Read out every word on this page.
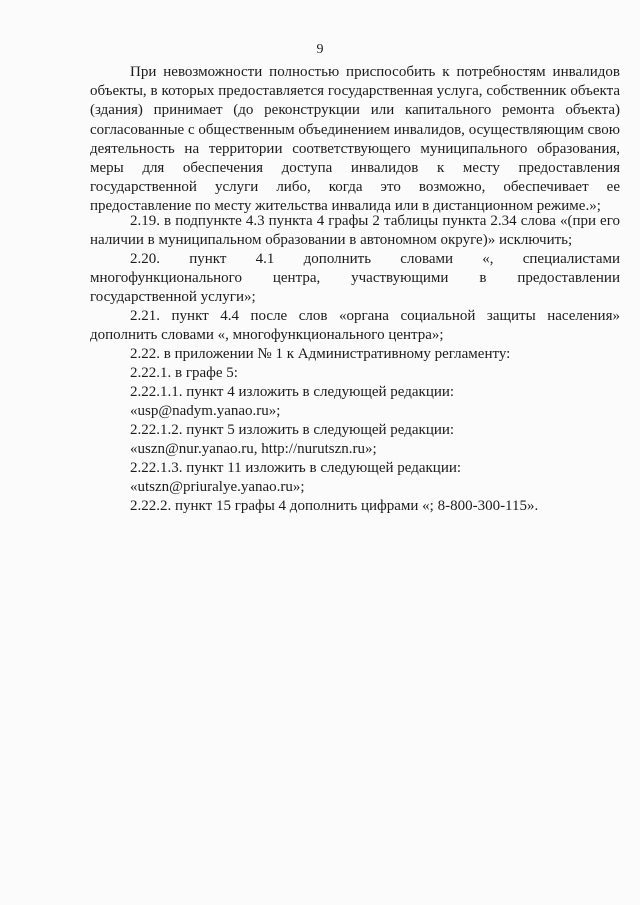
9

При невозможности полностью приспособить к потребностям инвалидов объекты, в которых предоставляется государственная услуга, собственник объекта (здания) принимает (до реконструкции или капитального ремонта объекта) согласованные с общественным объединением инвалидов, осуществляющим свою деятельность на территории соответствующего муниципального образования, меры для обеспечения доступа инвалидов к месту предоставления государственной услуги либо, когда это возможно, обеспечивает ее предоставление по месту жительства инвалида или в дистанционном режиме.»;

2.19. в подпункте 4.3 пункта 4 графы 2 таблицы пункта 2.34 слова «(при его наличии в муниципальном образовании в автономном округе)» исключить;

2.20. пункт 4.1 дополнить словами «, специалистами многофункционального центра, участвующими в предоставлении государственной услуги»;

2.21. пункт 4.4 после слов «органа социальной защиты населения» дополнить словами «, многофункционального центра»;

2.22. в приложении № 1 к Административному регламенту:

2.22.1. в графе 5:

2.22.1.1. пункт 4 изложить в следующей редакции:

«usp@nadym.yanao.ru»;

2.22.1.2. пункт 5 изложить в следующей редакции:

«uszn@nur.yanao.ru, http://nurutszn.ru»;

2.22.1.3. пункт 11 изложить в следующей редакции:

«utszn@priuralye.yanao.ru»;

2.22.2. пункт 15 графы 4 дополнить цифрами «; 8-800-300-115».
